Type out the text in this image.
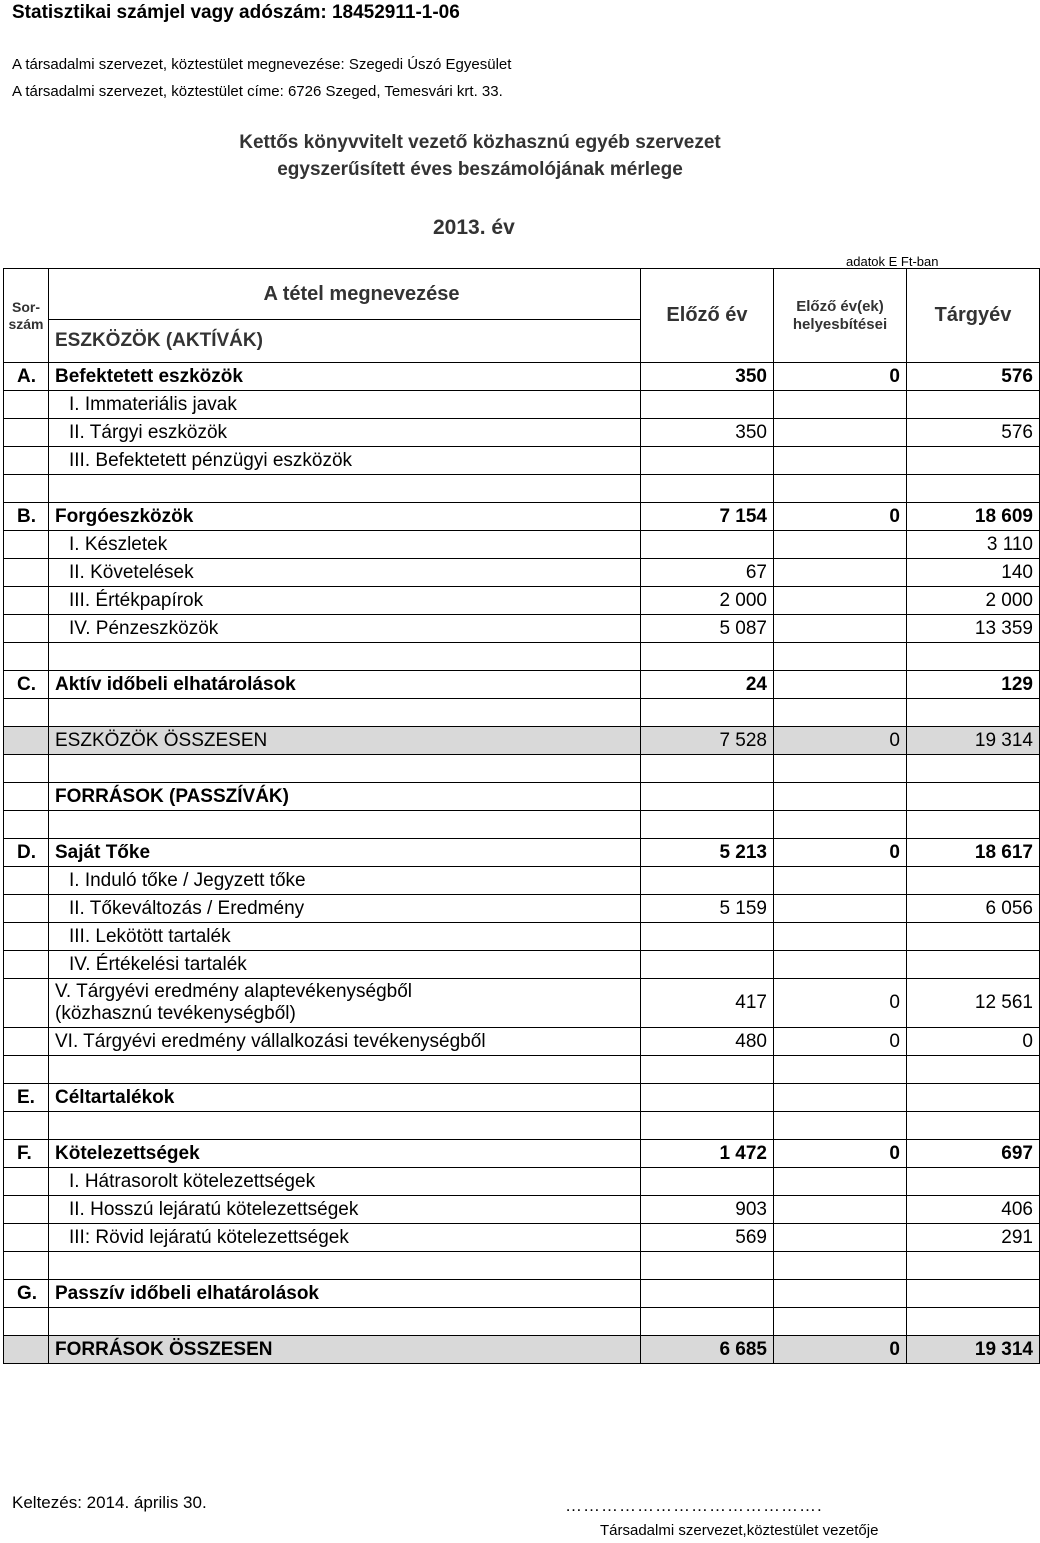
Statisztikai számjel vagy adószám: 18452911-1-06
A társadalmi szervezet, köztestület megnevezése: Szegedi Úszó Egyesület
A társadalmi szervezet, köztestület címe: 6726 Szeged, Temesvári krt. 33.
Kettős könyvvitelt vezető közhasznú egyéb szervezet
egyszerűsített éves beszámolójának mérlege
2013. év
adatok E Ft-ban
Sor-
szám	A tétel megnevezése	Előző év	Előző év(ek)
helyesbítései	Tárgyév
	ESZKÖZÖK (AKTÍVÁK)			
A.	Befektetett eszközök	350	0	576
	I. Immateriális javak			
	II. Tárgyi eszközök	350		576
	III. Befektetett pénzügyi eszközök			

B.	Forgóeszközök	7 154	0	18 609
	I. Készletek			3 110
	II. Követelések	67		140
	III. Értékpapírok	2 000		2 000
	IV. Pénzeszközök	5 087		13 359

C.	Aktív időbeli elhatárolások	24		129

	ESZKÖZÖK ÖSSZESEN	7 528	0	19 314

	FORRÁSOK (PASSZÍVÁK)			

D.	Saját Tőke	5 213	0	18 617
	I. Induló tőke / Jegyzett tőke			
	II. Tőkeváltozás / Eredmény	5 159		6 056
	III. Lekötött tartalék			
	IV. Értékelési tartalék			
	V. Tárgyévi eredmény alaptevékenységből
(közhasznú tevékenységből)	417	0	12 561
	VI. Tárgyévi eredmény vállalkozási tevékenységből	480	0	0

E.	Céltartalékok			

F.	Kötelezettségek	1 472	0	697
	I. Hátrasorolt kötelezettségek			
	II. Hosszú lejáratú kötelezettségek	903		406
	III: Rövid lejáratú kötelezettségek	569		291

G.	Passzív időbeli elhatárolások			

	FORRÁSOK ÖSSZESEN	6 685	0	19 314
Keltezés: 2014. április 30.	…………………………………….
Társadalmi szervezet,köztestület vezetője
